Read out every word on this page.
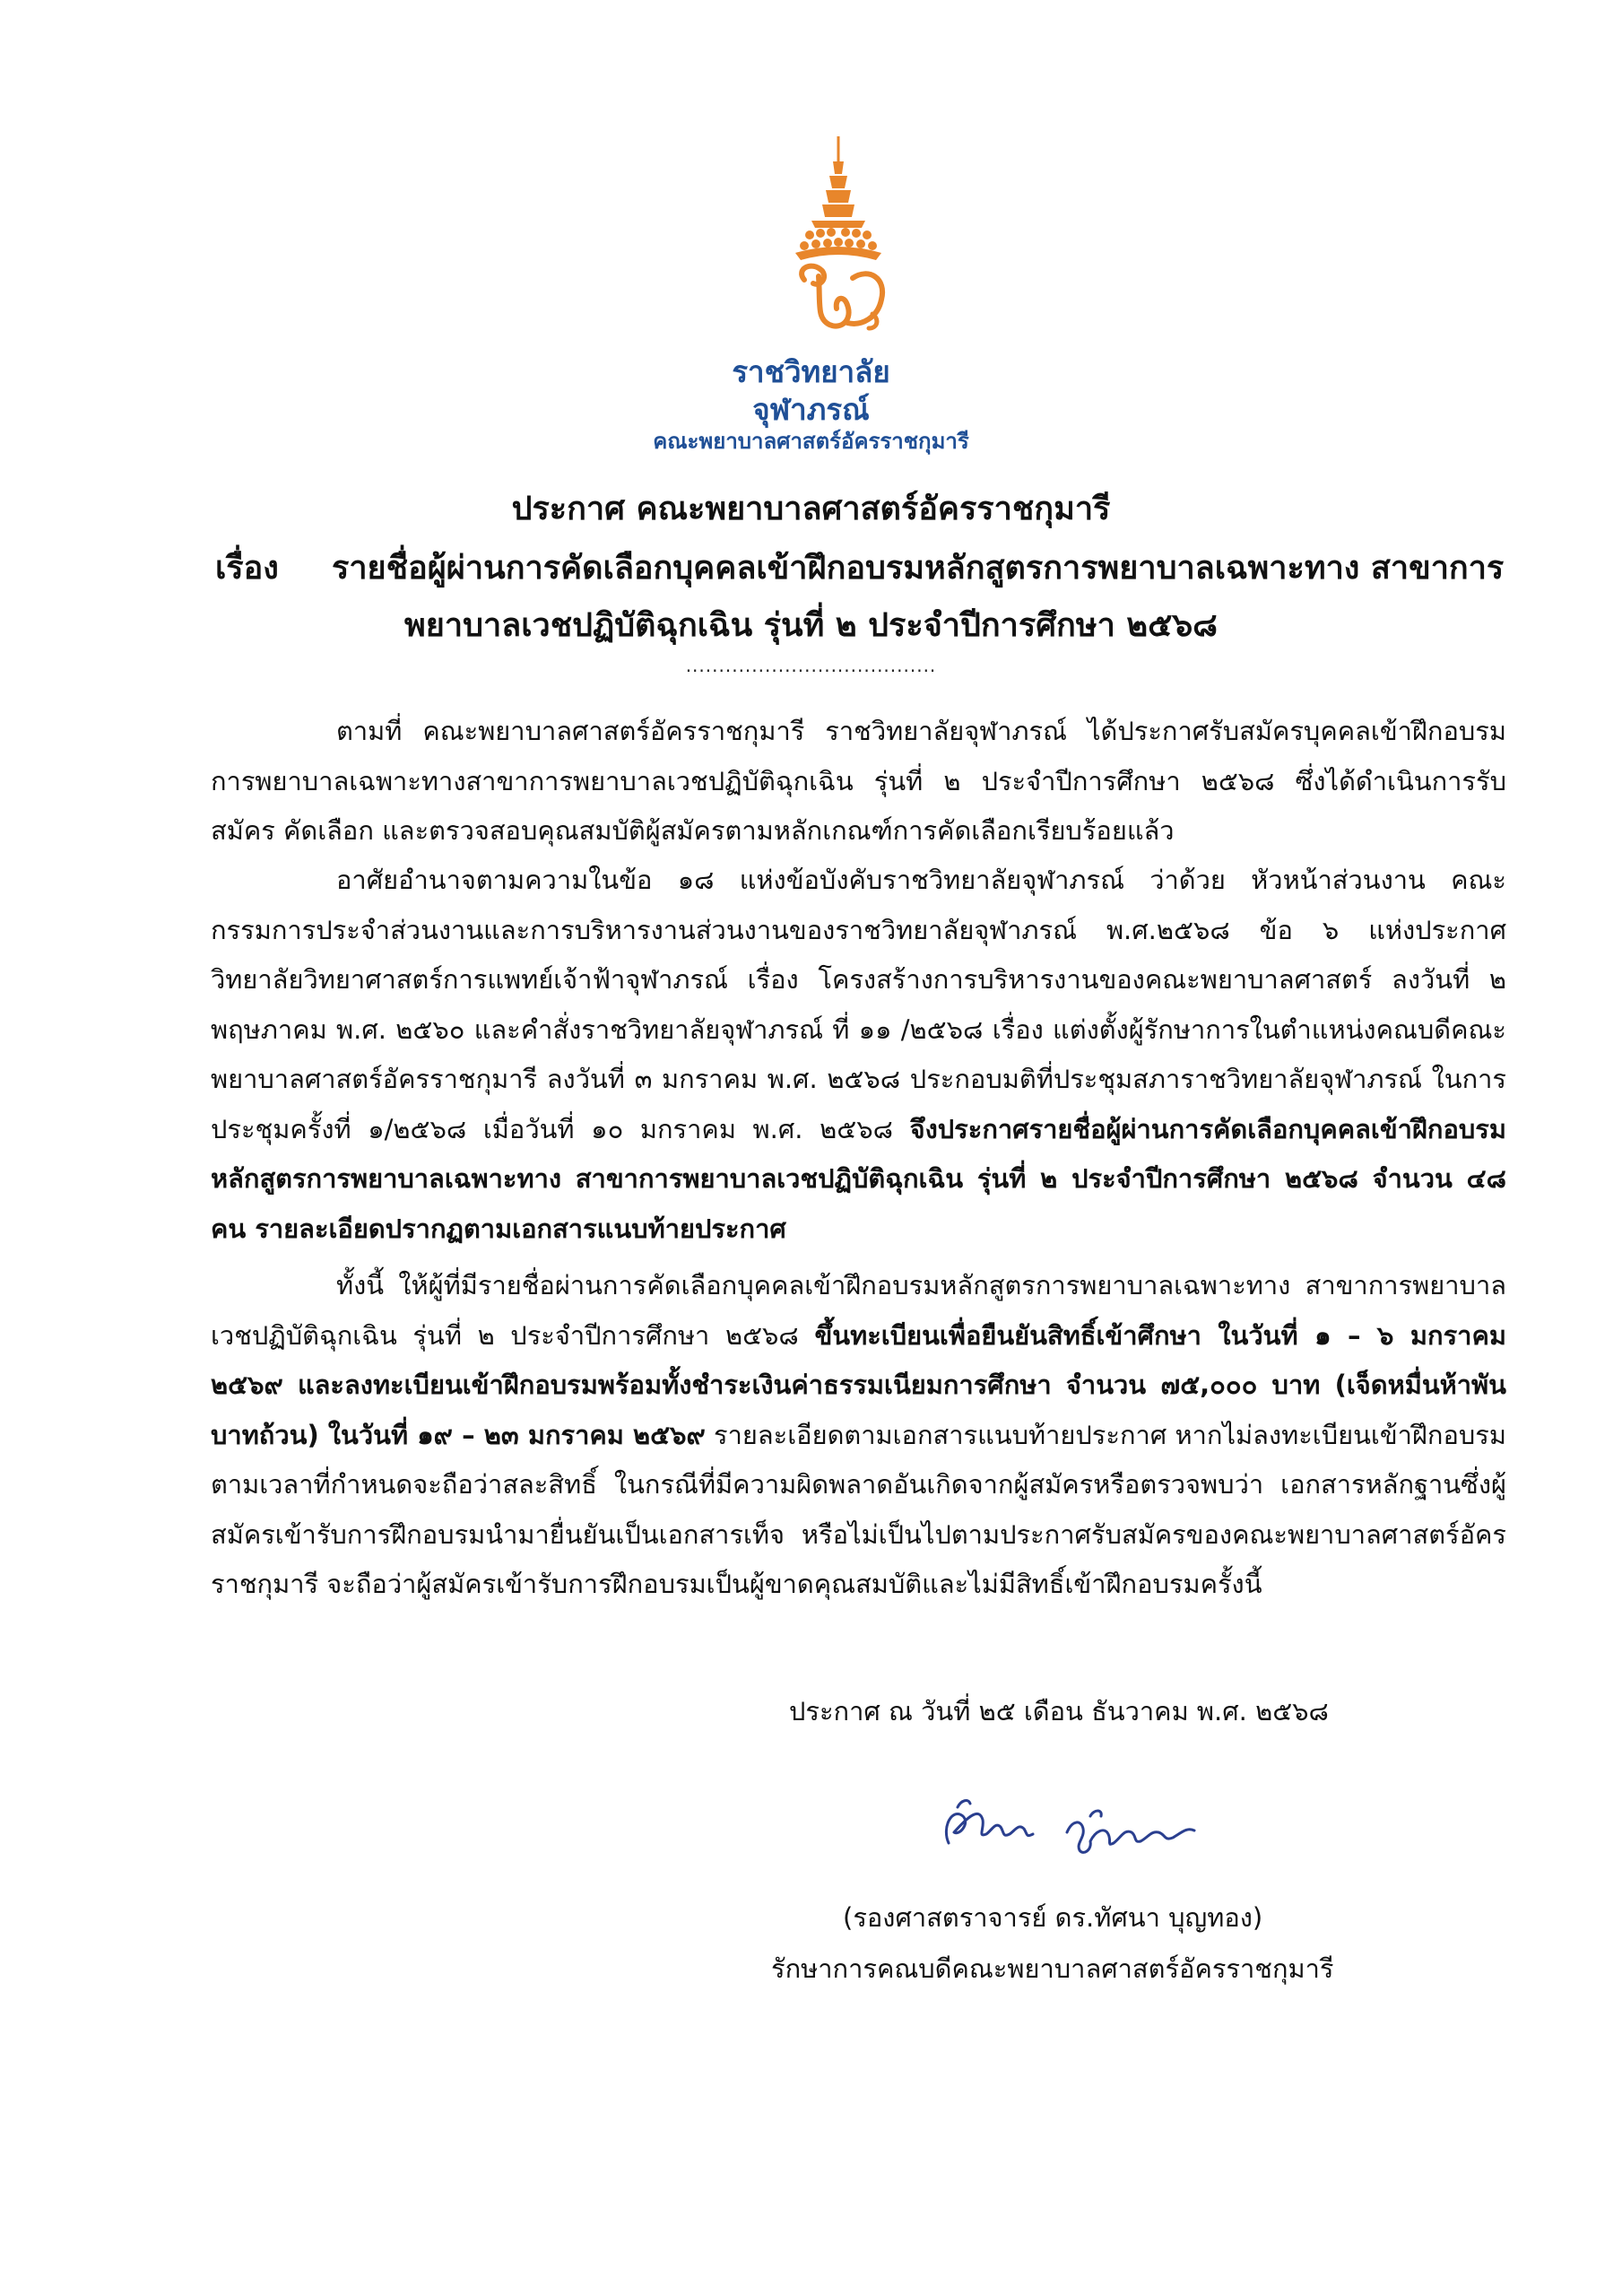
ราชวิทยาลัย
จุฬาภรณ์
คณะพยาบาลศาสตร์อัครราชกุมารี
ประกาศ คณะพยาบาลศาสตร์อัครราชกุมารี
เรื่อง รายชื่อผู้ผ่านการคัดเลือกบุคคลเข้าฝึกอบรมหลักสูตรการพยาบาลเฉพาะทาง สาขาการ
พยาบาลเวชปฏิบัติฉุกเฉิน รุ่นที่ ๒ ประจำปีการศึกษา ๒๕๖๘
......................................
ตามที่ คณะพยาบาลศาสตร์อัครราชกุมารี ราชวิทยาลัยจุฬาภรณ์ ได้ประกาศรับสมัครบุคคลเข้าฝึกอบรมการพยาบาลเฉพาะทางสาขาการพยาบาลเวชปฏิบัติฉุกเฉิน รุ่นที่ ๒ ประจำปีการศึกษา ๒๕๖๘ ซึ่งได้ดำเนินการรับสมัคร คัดเลือก และตรวจสอบคุณสมบัติผู้สมัครตามหลักเกณฑ์การคัดเลือกเรียบร้อยแล้ว
อาศัยอำนาจตามความในข้อ ๑๘ แห่งข้อบังคับราชวิทยาลัยจุฬาภรณ์ ว่าด้วย หัวหน้าส่วนงาน คณะกรรมการประจำส่วนงานและการบริหารงานส่วนงานของราชวิทยาลัยจุฬาภรณ์ พ.ศ.๒๕๖๘ ข้อ ๖ แห่งประกาศวิทยาลัยวิทยาศาสตร์การแพทย์เจ้าฟ้าจุฬาภรณ์ เรื่อง โครงสร้างการบริหารงานของคณะพยาบาลศาสตร์ ลงวันที่ ๒ พฤษภาคม พ.ศ. ๒๕๖๐ และคำสั่งราชวิทยาลัยจุฬาภรณ์ ที่ ๑๑ /๒๕๖๘ เรื่อง แต่งตั้งผู้รักษาการในตำแหน่งคณบดีคณะพยาบาลศาสตร์อัครราชกุมารี ลงวันที่ ๓ มกราคม พ.ศ. ๒๕๖๘ ประกอบมติที่ประชุมสภาราชวิทยาลัยจุฬาภรณ์ ในการประชุมครั้งที่ ๑/๒๕๖๘ เมื่อวันที่ ๑๐ มกราคม พ.ศ. ๒๕๖๘ จึงประกาศรายชื่อผู้ผ่านการคัดเลือกบุคคลเข้าฝึกอบรมหลักสูตรการพยาบาลเฉพาะทาง สาขาการพยาบาลเวชปฏิบัติฉุกเฉิน รุ่นที่ ๒ ประจำปีการศึกษา ๒๕๖๘ จำนวน ๔๘ คน รายละเอียดปรากฏตามเอกสารแนบท้ายประกาศ
ทั้งนี้ ให้ผู้ที่มีรายชื่อผ่านการคัดเลือกบุคคลเข้าฝึกอบรมหลักสูตรการพยาบาลเฉพาะทาง สาขาการพยาบาลเวชปฏิบัติฉุกเฉิน รุ่นที่ ๒ ประจำปีการศึกษา ๒๕๖๘ ขึ้นทะเบียนเพื่อยืนยันสิทธิ์เข้าศึกษา ในวันที่ ๑ – ๖ มกราคม ๒๕๖๙ และลงทะเบียนเข้าฝึกอบรมพร้อมทั้งชำระเงินค่าธรรมเนียมการศึกษา จำนวน ๗๕,๐๐๐ บาท (เจ็ดหมื่นห้าพันบาทถ้วน) ในวันที่ ๑๙ – ๒๓ มกราคม ๒๕๖๙ รายละเอียดตามเอกสารแนบท้ายประกาศ หากไม่ลงทะเบียนเข้าฝึกอบรมตามเวลาที่กำหนดจะถือว่าสละสิทธิ์ ในกรณีที่มีความผิดพลาดอันเกิดจากผู้สมัครหรือตรวจพบว่า เอกสารหลักฐานซึ่งผู้สมัครเข้ารับการฝึกอบรมนำมายื่นยันเป็นเอกสารเท็จ หรือไม่เป็นไปตามประกาศรับสมัครของคณะพยาบาลศาสตร์อัครราชกุมารี จะถือว่าผู้สมัครเข้ารับการฝึกอบรมเป็นผู้ขาดคุณสมบัติและไม่มีสิทธิ์เข้าฝึกอบรมครั้งนี้
ประกาศ ณ วันที่ ๒๕ เดือน ธันวาคม พ.ศ. ๒๕๖๘
(รองศาสตราจารย์ ดร.ทัศนา บุญทอง)
รักษาการคณบดีคณะพยาบาลศาสตร์อัครราชกุมารี
